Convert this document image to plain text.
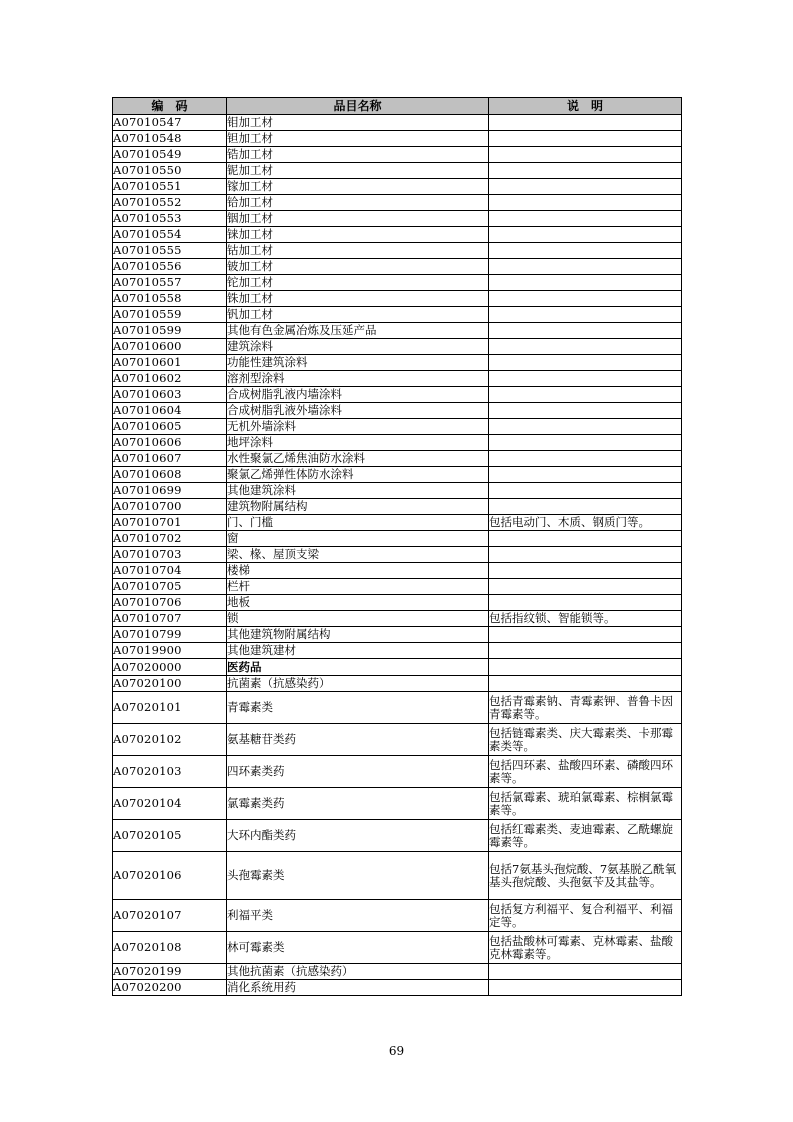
编　码	品目名称	说　明
A07010547	钼加工材	
A07010548	钽加工材	
A07010549	锆加工材	
A07010550	铌加工材	
A07010551	镓加工材	
A07010552	铪加工材	
A07010553	铟加工材	
A07010554	铼加工材	
A07010555	钴加工材	
A07010556	铍加工材	
A07010557	铊加工材	
A07010558	铢加工材	
A07010559	钒加工材	
A07010599	其他有色金属冶炼及压延产品	
A07010600	建筑涂料	
A07010601	功能性建筑涂料	
A07010602	溶剂型涂料	
A07010603	合成树脂乳液内墙涂料	
A07010604	合成树脂乳液外墙涂料	
A07010605	无机外墙涂料	
A07010606	地坪涂料	
A07010607	水性聚氯乙烯焦油防水涂料	
A07010608	聚氯乙烯弹性体防水涂料	
A07010699	其他建筑涂料	
A07010700	建筑物附属结构	
A07010701	门、门槛	包括电动门、木质、钢质门等。
A07010702	窗	
A07010703	梁、椽、屋顶支梁	
A07010704	楼梯	
A07010705	栏杆	
A07010706	地板	
A07010707	锁	包括指纹锁、智能锁等。
A07010799	其他建筑物附属结构	
A07019900	其他建筑建材	
A07020000	医药品	
A07020100	抗菌素（抗感染药）	
A07020101	青霉素类	包括青霉素钠、青霉素钾、普鲁卡因青霉素等。
A07020102	氨基糖苷类药	包括链霉素类、庆大霉素类、卡那霉素类等。
A07020103	四环素类药	包括四环素、盐酸四环素、磷酸四环素等。
A07020104	氯霉素类药	包括氯霉素、琥珀氯霉素、棕榈氯霉素等。
A07020105	大环内酯类药	包括红霉素类、麦迪霉素、乙酰螺旋霉素等。
A07020106	头孢霉素类	包括7氨基头孢烷酸、7氨基脱乙酰氧基头孢烷酸、头孢氨苄及其盐等。
A07020107	利福平类	包括复方利福平、复合利福平、利福定等。
A07020108	林可霉素类	包括盐酸林可霉素、克林霉素、盐酸克林霉素等。
A07020199	其他抗菌素（抗感染药）	
A07020200	消化系统用药	
69
